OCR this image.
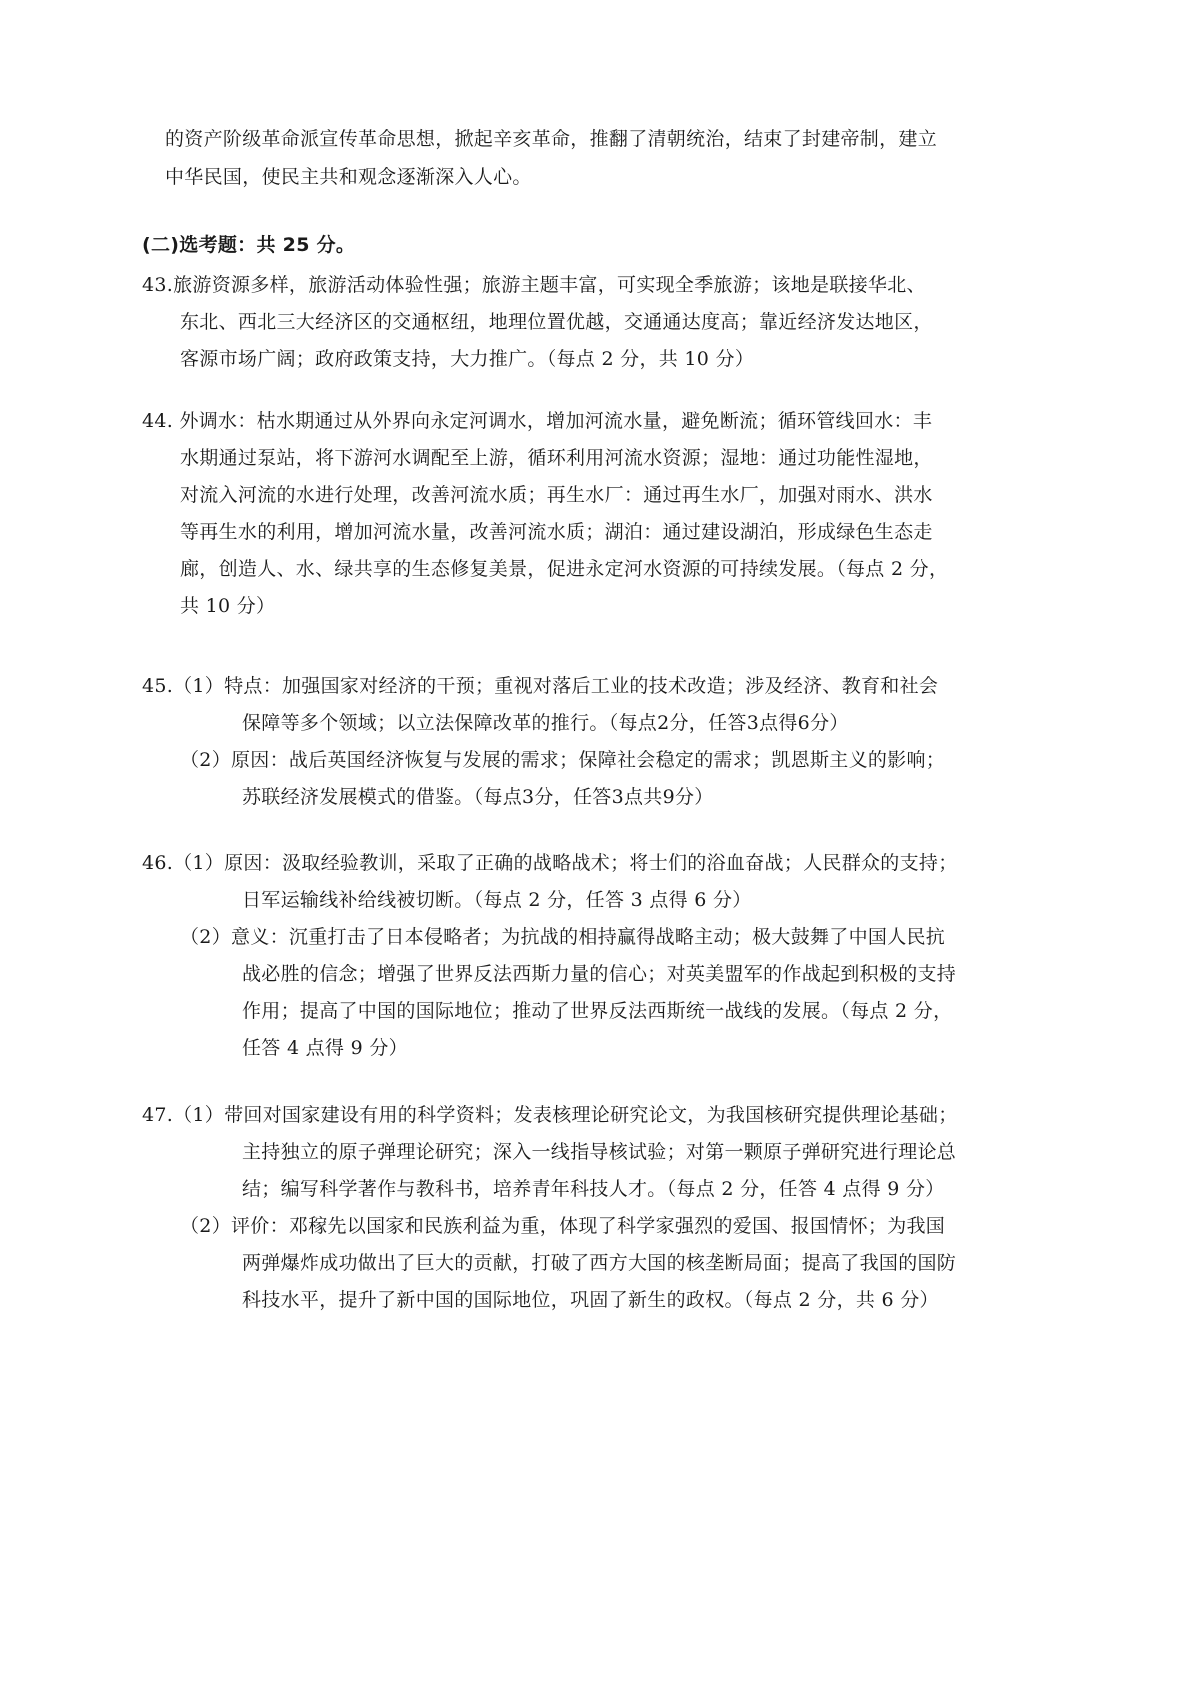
的资产阶级革命派宣传革命思想，掀起辛亥革命，推翻了清朝统治，结束了封建帝制，建立
中华民国，使民主共和观念逐渐深入人心。
(二)选考题：共 25 分。
43.旅游资源多样，旅游活动体验性强；旅游主题丰富，可实现全季旅游；该地是联接华北、
东北、西北三大经济区的交通枢纽，地理位置优越，交通通达度高；靠近经济发达地区，
客源市场广阔；政府政策支持，大力推广。（每点 2 分，共 10 分）
44. 外调水：枯水期通过从外界向永定河调水，增加河流水量，避免断流；循环管线回水：丰
水期通过泵站，将下游河水调配至上游，循环利用河流水资源；湿地：通过功能性湿地，
对流入河流的水进行处理，改善河流水质；再生水厂：通过再生水厂，加强对雨水、洪水
等再生水的利用，增加河流水量，改善河流水质；湖泊：通过建设湖泊，形成绿色生态走
廊，创造人、水、绿共享的生态修复美景，促进永定河水资源的可持续发展。（每点 2 分，
共 10 分）
45.（1）特点：加强国家对经济的干预；重视对落后工业的技术改造；涉及经济、教育和社会
保障等多个领域；以立法保障改革的推行。（每点2分，任答3点得6分）
（2）原因：战后英国经济恢复与发展的需求；保障社会稳定的需求；凯恩斯主义的影响；
苏联经济发展模式的借鉴。（每点3分，任答3点共9分）
46.（1）原因：汲取经验教训，采取了正确的战略战术；将士们的浴血奋战；人民群众的支持；
日军运输线补给线被切断。（每点 2 分，任答 3 点得 6 分）
（2）意义：沉重打击了日本侵略者；为抗战的相持赢得战略主动；极大鼓舞了中国人民抗
战必胜的信念；增强了世界反法西斯力量的信心；对英美盟军的作战起到积极的支持
作用；提高了中国的国际地位；推动了世界反法西斯统一战线的发展。（每点 2 分，
任答 4 点得 9 分）
47.（1）带回对国家建设有用的科学资料；发表核理论研究论文，为我国核研究提供理论基础；
主持独立的原子弹理论研究；深入一线指导核试验；对第一颗原子弹研究进行理论总
结；编写科学著作与教科书，培养青年科技人才。（每点 2 分，任答 4 点得 9 分）
（2）评价：邓稼先以国家和民族利益为重，体现了科学家强烈的爱国、报国情怀；为我国
两弹爆炸成功做出了巨大的贡献，打破了西方大国的核垄断局面；提高了我国的国防
科技水平，提升了新中国的国际地位，巩固了新生的政权。（每点 2 分，共 6 分）
